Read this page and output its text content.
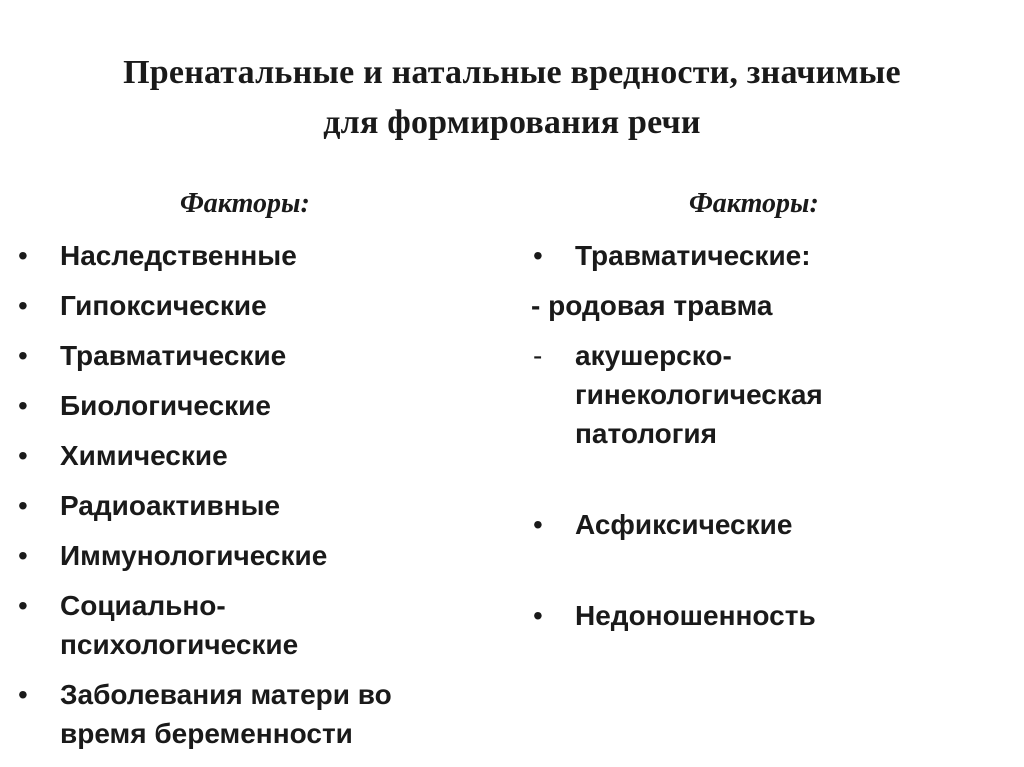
Пренатальные и натальные вредности, значимые
для формирования речи
Факторы:
• Наследственные
• Гипоксические
• Травматические
• Биологические
• Химические
• Радиоактивные
• Иммунологические
• Социально-психологические
• Заболевания матери во время беременности
Факторы:
• Травматические:
- родовая травма
- акушерско-гинекологическая патология
• Асфиксические
• Недоношенность
